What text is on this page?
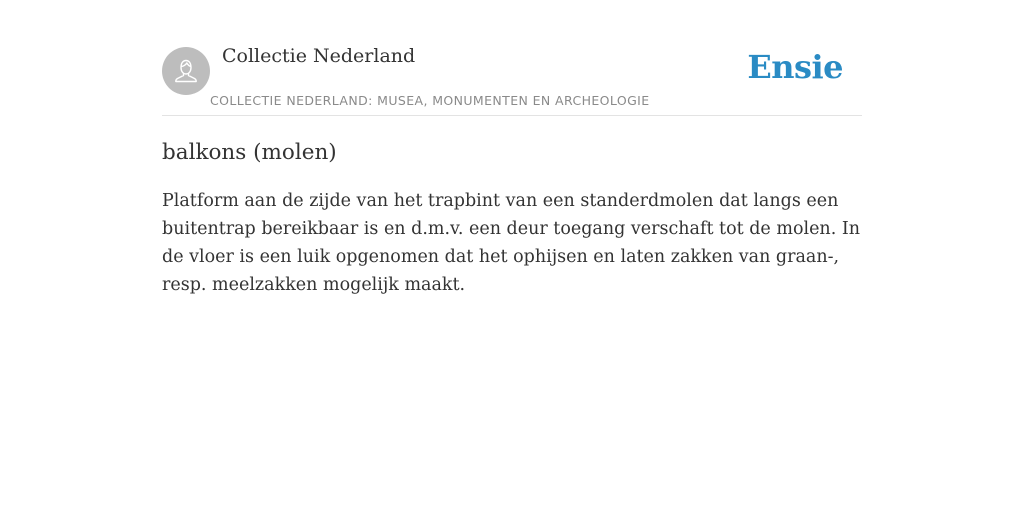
Collectie Nederland
COLLECTIE NEDERLAND: MUSEA, MONUMENTEN EN ARCHEOLOGIE
Ensie
balkons (molen)

Platform aan de zijde van het trapbint van een standerdmolen dat langs een buitentrap bereikbaar is en d.m.v. een deur toegang verschaft tot de molen. In de vloer is een luik opgenomen dat het ophijsen en laten zakken van graan-, resp. meelzakken mogelijk maakt.
